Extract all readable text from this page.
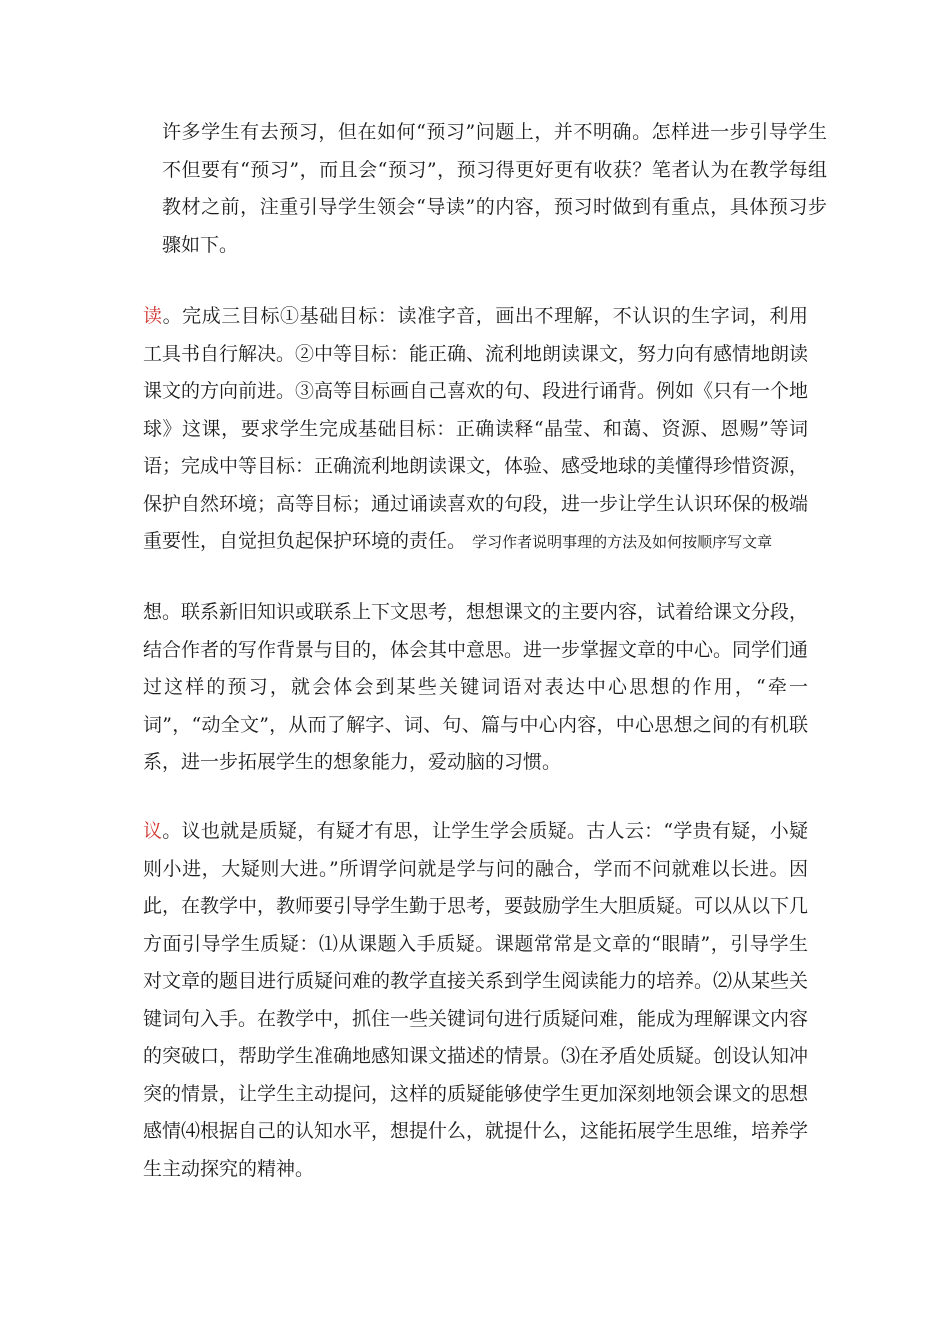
许多学生有去预习，但在如何“预习”问题上，并不明确。怎样进一步引导学生不但要有“预习”，而且会“预习”，预习得更好更有收获？笔者认为在教学每组教材之前，注重引导学生领会“导读”的内容，预习时做到有重点，具体预习步骤如下。

读。完成三目标①基础目标：读准字音，画出不理解，不认识的生字词，利用工具书自行解决。②中等目标：能正确、流利地朗读课文，努力向有感情地朗读课文的方向前进。③高等目标画自己喜欢的句、段进行诵背。例如《只有一个地球》这课，要求学生完成基础目标：正确读释“晶莹、和蔼、资源、恩赐”等词语；完成中等目标：正确流利地朗读课文，体验、感受地球的美懂得珍惜资源，保护自然环境；高等目标；通过诵读喜欢的句段，进一步让学生认识环保的极端重要性，自觉担负起保护环境的责任。 学习作者说明事理的方法及如何按顺序写文章

想。联系新旧知识或联系上下文思考，想想课文的主要内容，试着给课文分段，结合作者的写作背景与目的，体会其中意思。进一步掌握文章的中心。同学们通过这样的预习，就会体会到某些关键词语对表达中心思想的作用，“牵一词”，“动全文”，从而了解字、词、句、篇与中心内容，中心思想之间的有机联系，进一步拓展学生的想象能力，爱动脑的习惯。

议。议也就是质疑，有疑才有思，让学生学会质疑。古人云：“学贵有疑，小疑则小进，大疑则大进。”所谓学问就是学与问的融合，学而不问就难以长进。因此，在教学中，教师要引导学生勤于思考，要鼓励学生大胆质疑。可以从以下几方面引导学生质疑：⑴从课题入手质疑。课题常常是文章的“眼睛”，引导学生对文章的题目进行质疑问难的教学直接关系到学生阅读能力的培养。⑵从某些关键词句入手。在教学中，抓住一些关键词句进行质疑问难，能成为理解课文内容的突破口，帮助学生准确地感知课文描述的情景。⑶在矛盾处质疑。创设认知冲突的情景，让学生主动提问，这样的质疑能够使学生更加深刻地领会课文的思想感情⑷根据自己的认知水平，想提什么，就提什么，这能拓展学生思维，培养学生主动探究的精神。
